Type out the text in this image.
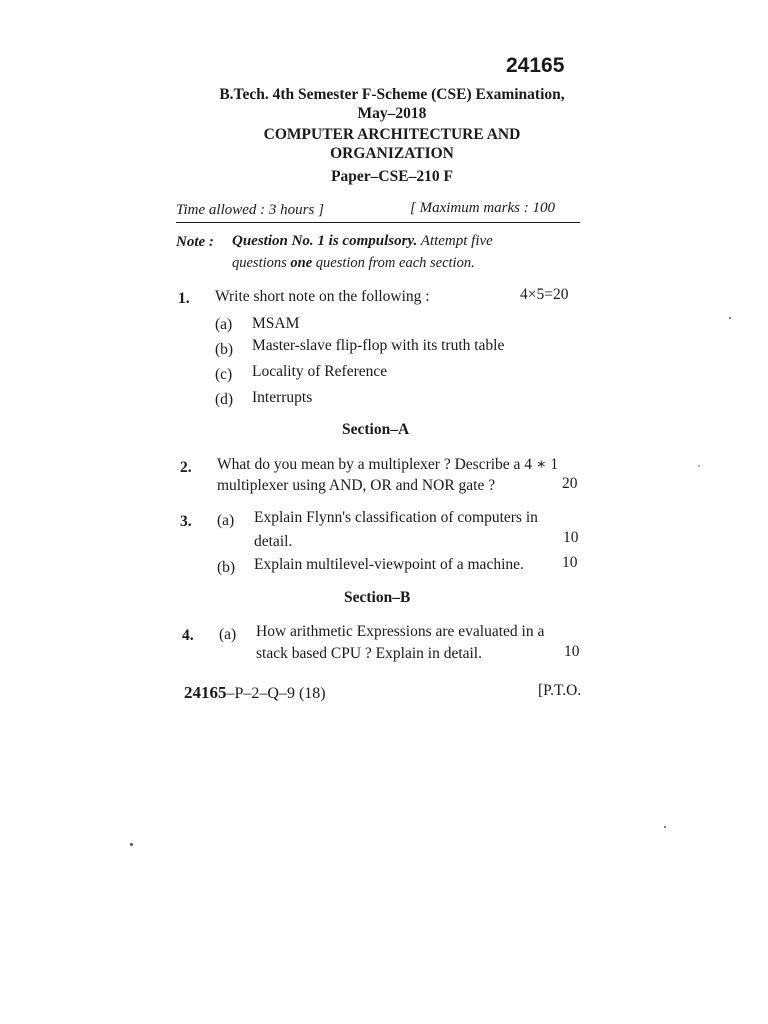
24165
B.Tech. 4th Semester F-Scheme (CSE) Examination,
May–2018
COMPUTER ARCHITECTURE AND
ORGANIZATION
Paper–CSE–210 F
Time allowed : 3 hours ]	[ Maximum marks : 100
Note : Question No. 1 is compulsory. Attempt five
questions one question from each section.
1. Write short note on the following :	4×5=20
(a) MSAM
(b) Master-slave flip-flop with its truth table
(c) Locality of Reference
(d) Interrupts
Section–A
2. What do you mean by a multiplexer ? Describe a 4 ∗ 1
multiplexer using AND, OR and NOR gate ?	20
3. (a) Explain Flynn's classification of computers in
detail.	10
(b) Explain multilevel-viewpoint of a machine. 10
Section–B
4. (a) How arithmetic Expressions are evaluated in a
stack based CPU ? Explain in detail.	10
24165–P–2–Q–9 (18)	[P.T.O.
